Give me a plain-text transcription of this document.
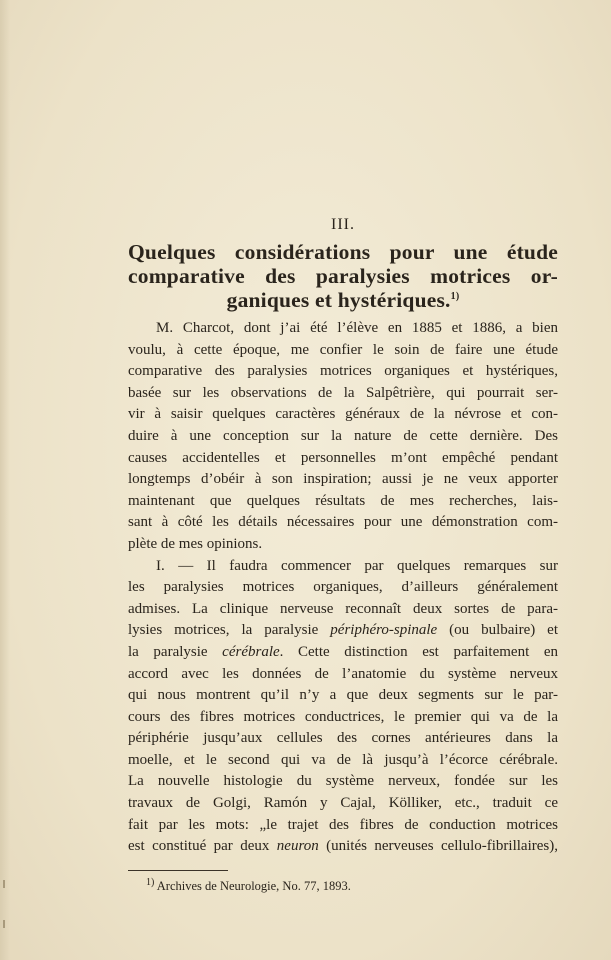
III.
Quelques considérations pour une étude
comparative des paralysies motrices or-
ganiques et hystériques.$^{1)}$
M. Charcot, dont j’ai été l’élève en 1885 et 1886, a bien
voulu, à cette époque, me confier le soin de faire une étude
comparative des paralysies motrices organiques et hystériques,
basée sur les observations de la Salpêtrière, qui pourrait ser-
vir à saisir quelques caractères généraux de la névrose et con-
duire à une conception sur la nature de cette dernière. Des
causes accidentelles et personnelles m’ont empêché pendant
longtemps d’obéir à son inspiration; aussi je ne veux apporter
maintenant que quelques résultats de mes recherches, lais-
sant à côté les détails nécessaires pour une démonstration com-
plète de mes opinions.
I. — Il faudra commencer par quelques remarques sur
les paralysies motrices organiques, d’ailleurs généralement
admises. La clinique nerveuse reconnaît deux sortes de para-
lysies motrices, la paralysie périphéro-spinale (ou bulbaire) et
la paralysie cérébrale. Cette distinction est parfaitement en
accord avec les données de l’anatomie du système nerveux
qui nous montrent qu’il n’y a que deux segments sur le par-
cours des fibres motrices conductrices, le premier qui va de la
périphérie jusqu’aux cellules des cornes antérieures dans la
moelle, et le second qui va de là jusqu’à l’écorce cérébrale.
La nouvelle histologie du système nerveux, fondée sur les
travaux de Golgi, Ramón y Cajal, Kölliker, etc., traduit ce
fait par les mots: „le trajet des fibres de conduction motrices
est constitué par deux neuron (unités nerveuses cellulo-fibrillaires),
$^{1)}$ Archives de Neurologie, No. 77, 1893.
